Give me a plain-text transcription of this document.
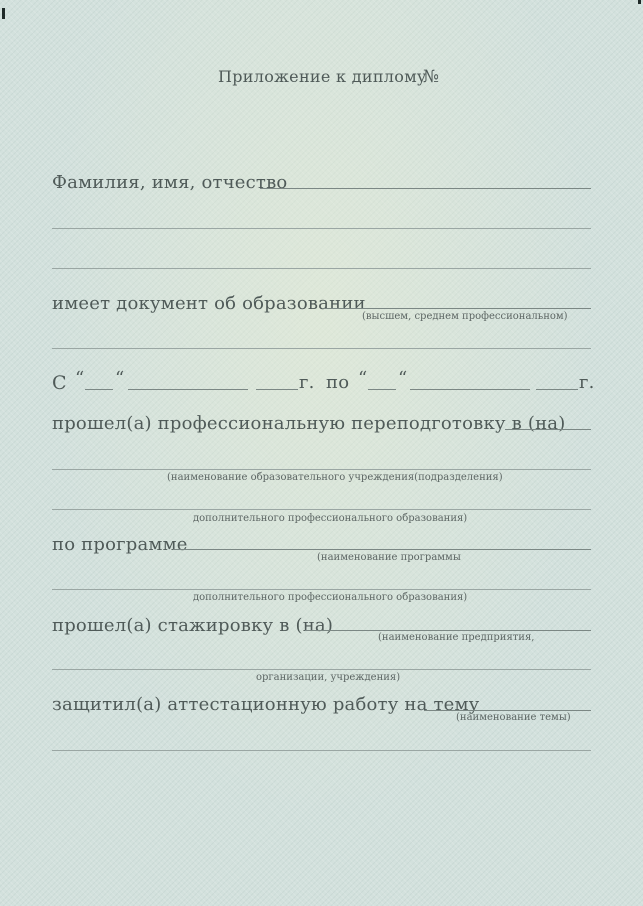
Приложение к диплому
№
Фамилия, имя, отчество
имеет документ об образовании
(высшем, среднем профессиональном)
С “ “	г. по “ “	г.
прошел(а) профессиональную переподготовку в (на)
(наименование образовательного учреждения(подразделения)
дополнительного профессионального образования)
по программе
(наименование программы
дополнительного профессионального образования)
прошел(а) стажировку в (на)
(наименование предприятия,
организации, учреждения)
защитил(а) аттестационную работу на тему
(наименование темы)
